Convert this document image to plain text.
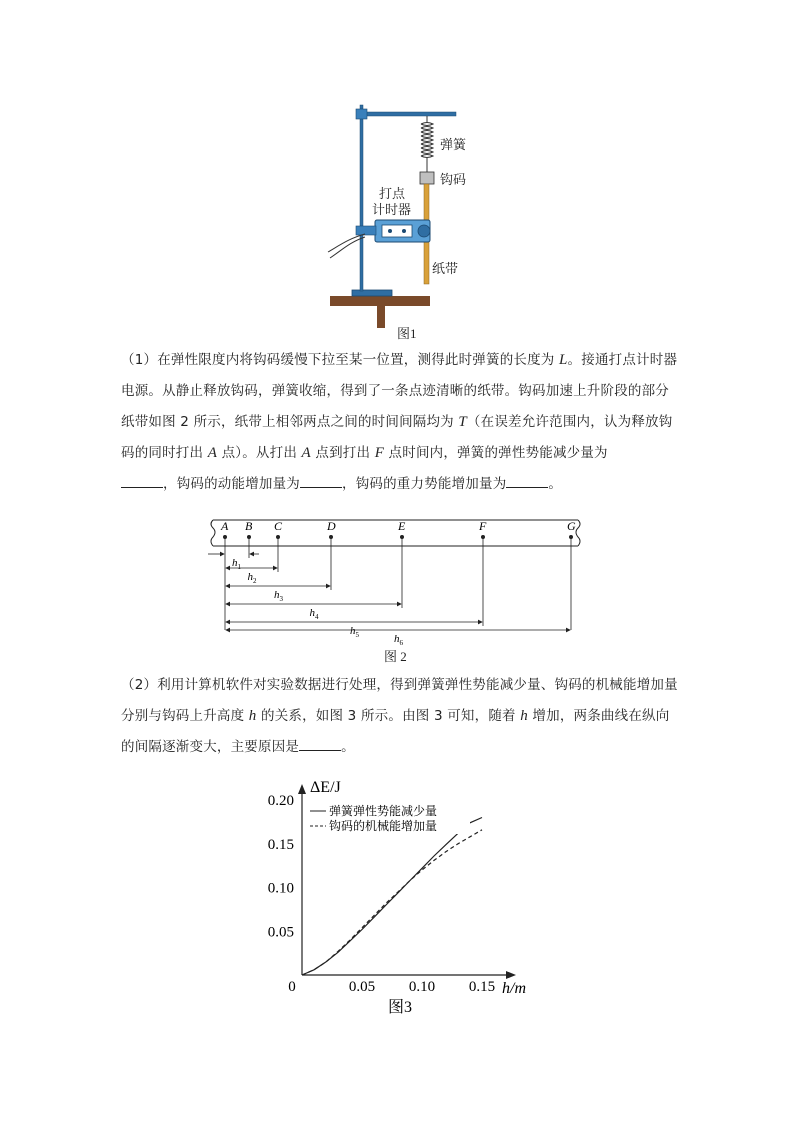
弹簧
钩码
打点
计时器
纸带
图1
（1）在弹性限度内将钩码缓慢下拉至某一位置，测得此时弹簧的长度为 L。接通打点计时器电源。从静止释放钩码，弹簧收缩，得到了一条点迹清晰的纸带。钩码加速上升阶段的部分纸带如图 2 所示，纸带上相邻两点之间的时间间隔均为 T（在误差允许范围内，认为释放钩码的同时打出 A 点）。从打出 A 点到打出 F 点时间内，弹簧的弹性势能减少量为
，钩码的动能增加量为	，钩码的重力势能增加量为	。
A B C	D	E	F	G
$h_1$
$h_2$
$h_3$
$h_4$
$h_5$	$h_6$
图 2
（2）利用计算机软件对实验数据进行处理，得到弹簧弹性势能减少量、钩码的机械能增加量分别与钩码上升高度 h 的关系，如图 3 所示。由图 3 可知，随着 h 增加，两条曲线在纵向的间隔逐渐变大，主要原因是	。
ΔE/J
h/m
0.05
0.10
0.15
0.20
0	0.05 0.10 0.15
弹簧弹性势能减少量
钩码的机械能增加量
图3
